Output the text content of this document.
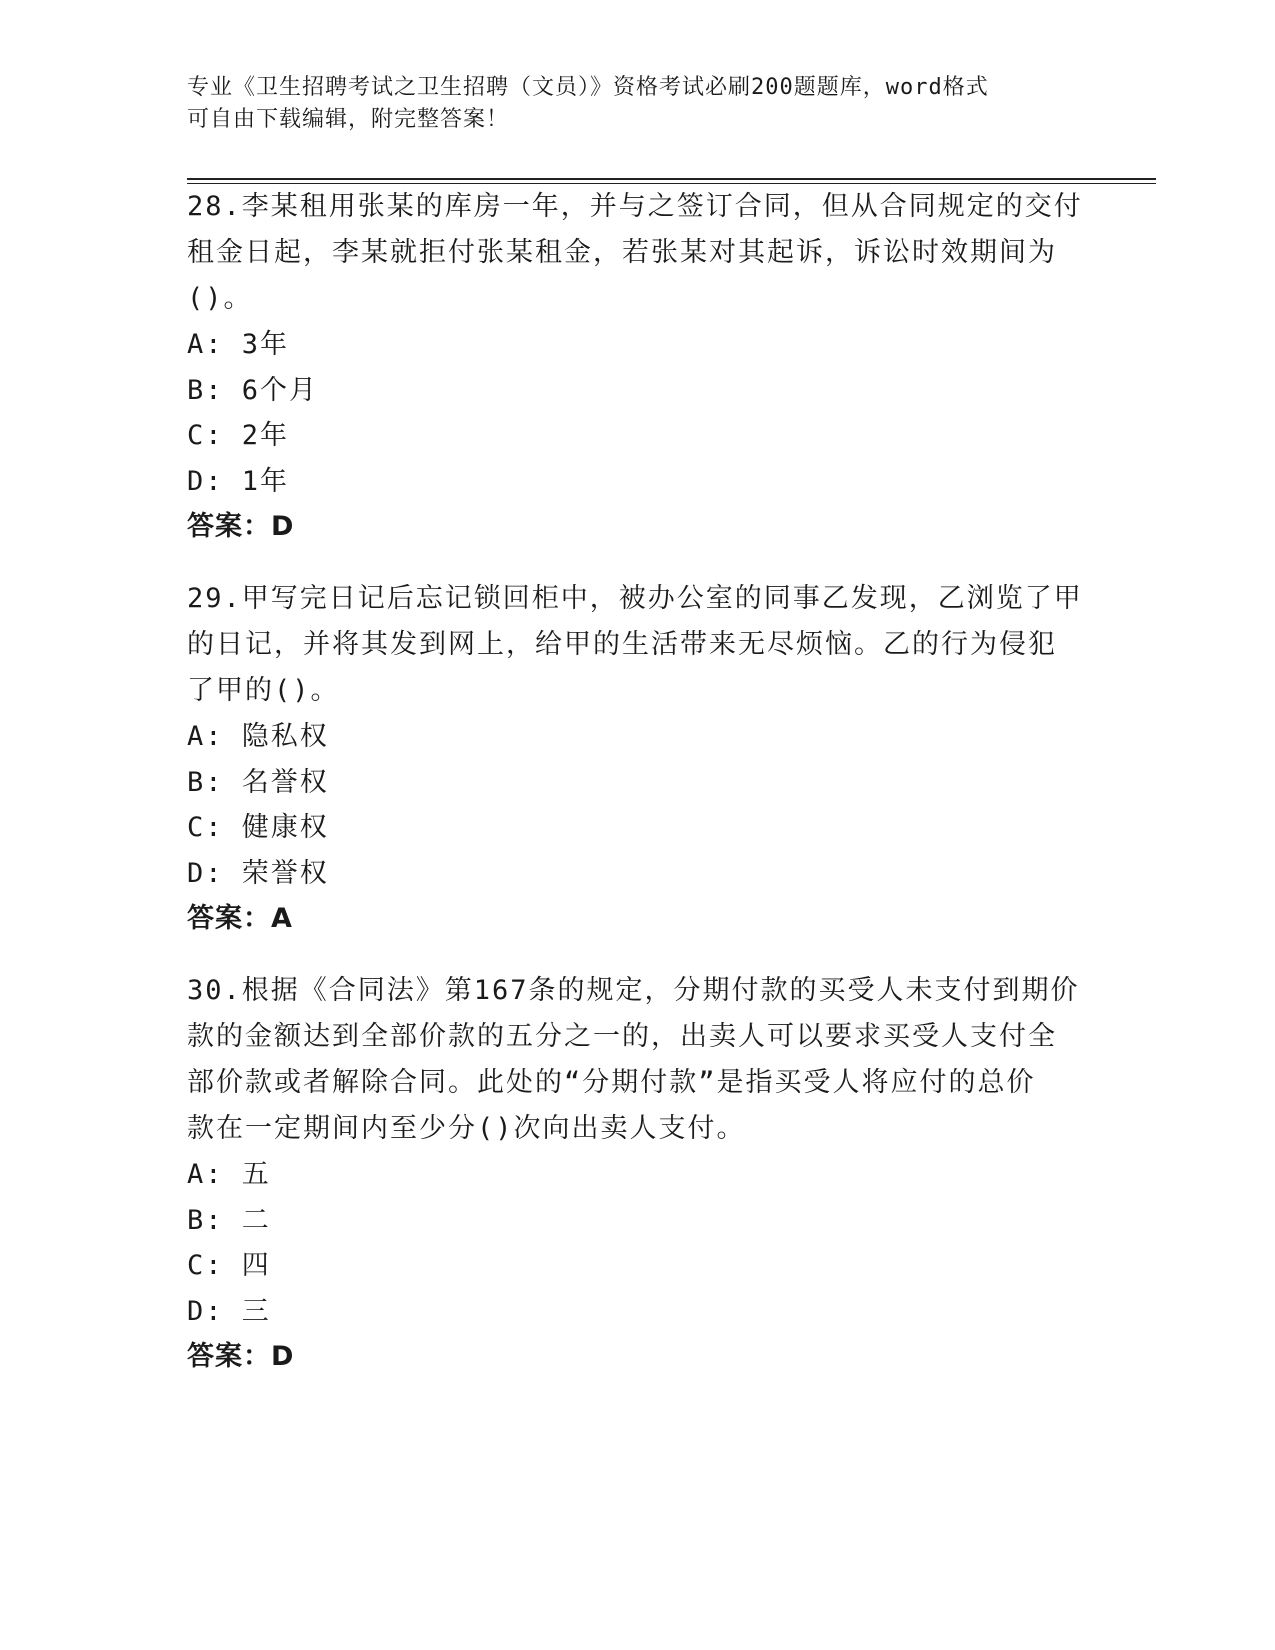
专业《卫生招聘考试之卫生招聘（文员）》资格考试必刷200题题库，word格式
可自由下载编辑，附完整答案！

28.李某租用张某的库房一年，并与之签订合同，但从合同规定的交付

租金日起，李某就拒付张某租金，若张某对其起诉，诉讼时效期间为

()。

A: 3年

B: 6个月

C: 2年

D: 1年

答案：D

29.甲写完日记后忘记锁回柜中，被办公室的同事乙发现，乙浏览了甲

的日记，并将其发到网上，给甲的生活带来无尽烦恼。乙的行为侵犯

了甲的()。

A: 隐私权

B: 名誉权

C: 健康权

D: 荣誉权

答案：A

30.根据《合同法》第167条的规定，分期付款的买受人未支付到期价

款的金额达到全部价款的五分之一的，出卖人可以要求买受人支付全

部价款或者解除合同。此处的“分期付款”是指买受人将应付的总价

款在一定期间内至少分()次向出卖人支付。

A: 五

B: 二

C: 四

D: 三

答案：D
